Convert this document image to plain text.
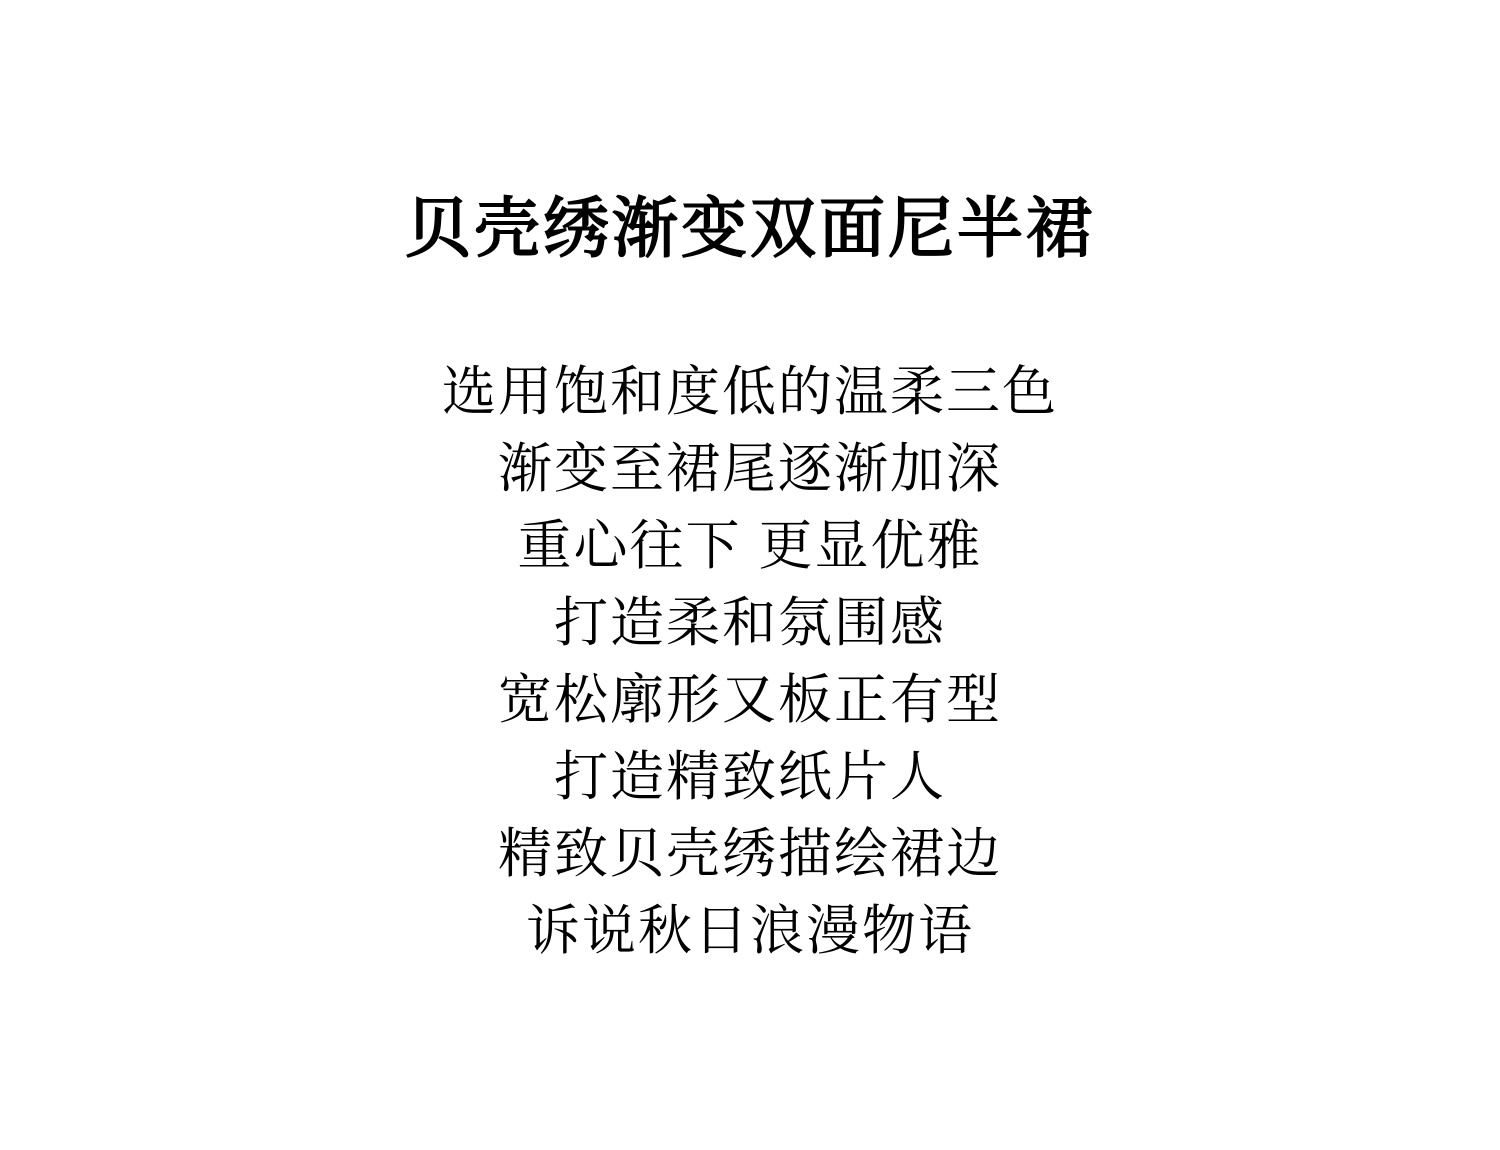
贝壳绣渐变双面尼半裙

选用饱和度低的温柔三色

渐变至裙尾逐渐加深

重心往下 更显优雅

打造柔和氛围感

宽松廓形又板正有型

打造精致纸片人

精致贝壳绣描绘裙边

诉说秋日浪漫物语
